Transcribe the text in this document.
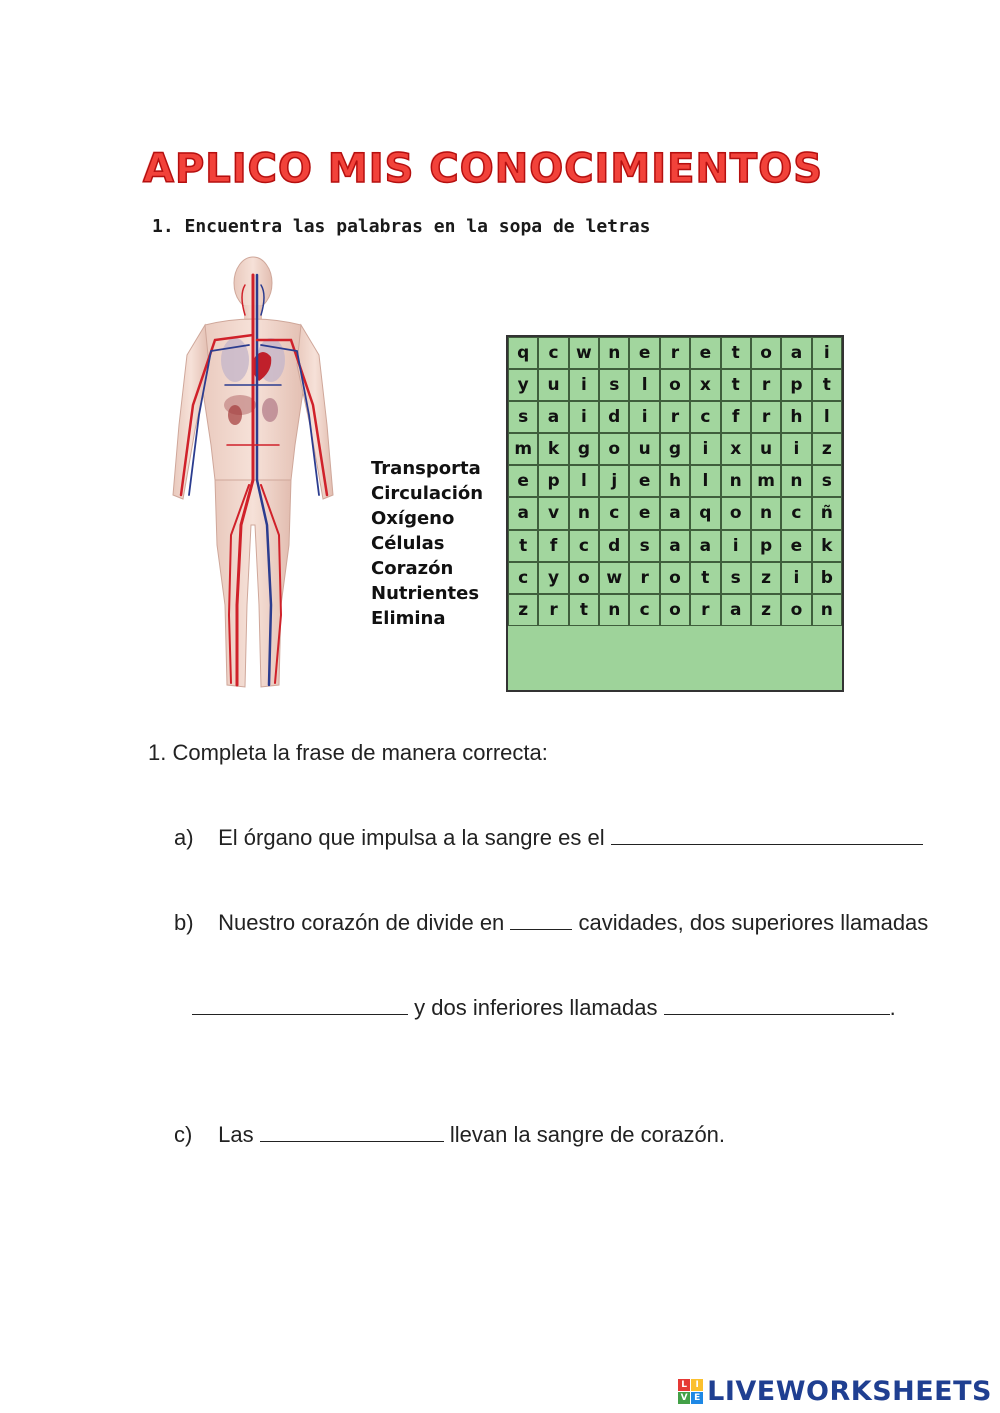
APLICO MIS CONOCIMIENTOS
1. Encuentra las palabras en la sopa de letras
Transporta
Circulación
Oxígeno
Células
Corazón
Nutrientes
Elimina
q	c	w n	e	r	e	t	o	a	i
y	u	i	s	l	o	x	t	r	p	t
s	a	i	d	i	r	c	f	r	h	l
m k	g	o	u	g	i	x	u	i	z
e	p	l	j	e	h	l	n m n	s
a	v	n	c	e	a	q	o	n	c	ñ
t	f	c	d	s	a	a	i	p	e	k
c	y	o w	r	o	t	s	z	i	b
z	r	t	n	c	o	r	a	z	o	n
1. Completa la frase de manera correcta:
a) El órgano que impulsa a la sangre es el
b) Nuestro corazón de divide en	cavidades, dos superiores llamadas
y dos inferiores llamadas	.
c) Las	llevan la sangre de corazón.
L I
V E LIVEWORKSHEETS
